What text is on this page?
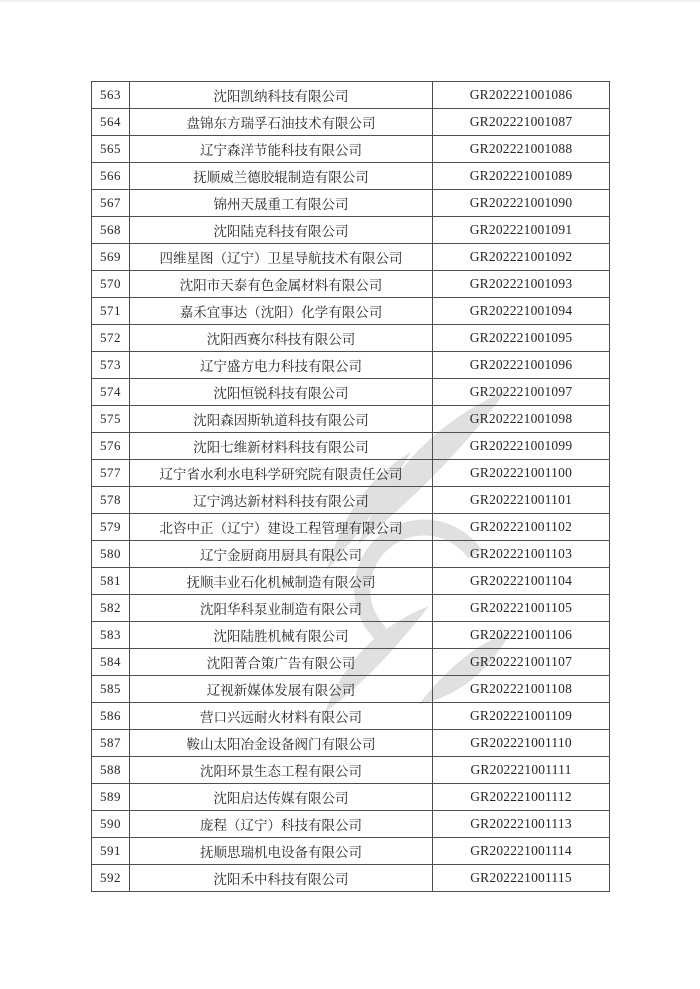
563	沈阳凯纳科技有限公司	GR202221001086
564	盘锦东方瑞孚石油技术有限公司	GR202221001087
565	辽宁森洋节能科技有限公司	GR202221001088
566	抚顺威兰德胶辊制造有限公司	GR202221001089
567	锦州天晟重工有限公司	GR202221001090
568	沈阳陆克科技有限公司	GR202221001091
569	四维星图（辽宁）卫星导航技术有限公司	GR202221001092
570	沈阳市天泰有色金属材料有限公司	GR202221001093
571	嘉禾宜事达（沈阳）化学有限公司	GR202221001094
572	沈阳西赛尔科技有限公司	GR202221001095
573	辽宁盛方电力科技有限公司	GR202221001096
574	沈阳恒锐科技有限公司	GR202221001097
575	沈阳森因斯轨道科技有限公司	GR202221001098
576	沈阳七维新材料科技有限公司	GR202221001099
577	辽宁省水利水电科学研究院有限责任公司	GR202221001100
578	辽宁鸿达新材料科技有限公司	GR202221001101
579	北咨中正（辽宁）建设工程管理有限公司	GR202221001102
580	辽宁金厨商用厨具有限公司	GR202221001103
581	抚顺丰业石化机械制造有限公司	GR202221001104
582	沈阳华科泵业制造有限公司	GR202221001105
583	沈阳陆胜机械有限公司	GR202221001106
584	沈阳菁合策广告有限公司	GR202221001107
585	辽视新媒体发展有限公司	GR202221001108
586	营口兴远耐火材料有限公司	GR202221001109
587	鞍山太阳冶金设备阀门有限公司	GR202221001110
588	沈阳环景生态工程有限公司	GR202221001111
589	沈阳启达传媒有限公司	GR202221001112
590	庞程（辽宁）科技有限公司	GR202221001113
591	抚顺思瑞机电设备有限公司	GR202221001114
592	沈阳禾中科技有限公司	GR202221001115
